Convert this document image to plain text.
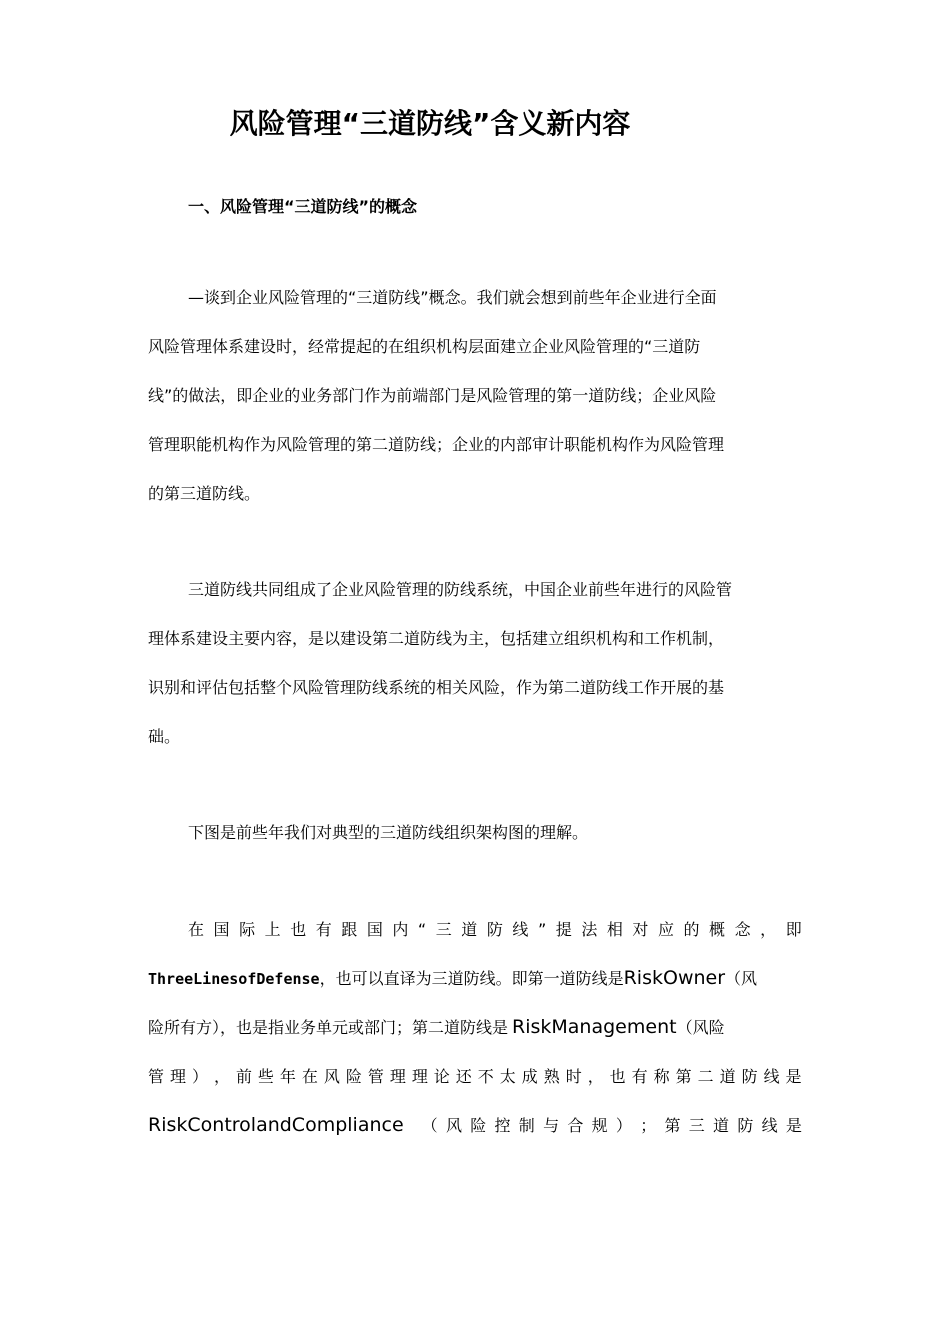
风险管理“三道防线”含义新内容
一、风险管理“三道防线”的概念
—谈到企业风险管理的“三道防线”概念。我们就会想到前些年企业进行全面
风险管理体系建设时，经常提起的在组织机构层面建立企业风险管理的“三道防
线”的做法，即企业的业务部门作为前端部门是风险管理的第一道防线；企业风险
管理职能机构作为风险管理的第二道防线；企业的内部审计职能机构作为风险管理
的第三道防线。
三道防线共同组成了企业风险管理的防线系统，中国企业前些年进行的风险管
理体系建设主要内容，是以建设第二道防线为主，包括建立组织机构和工作机制，
识别和评估包括整个风险管理防线系统的相关风险，作为第二道防线工作开展的基
础。
下图是前些年我们对典型的三道防线组织架构图的理解。
在 国 际 上 也 有 跟 国 内 “ 三 道 防 线 ” 提 法 相 对 应 的 概 念 ， 即
ThreeLinesofDefense ，也可以直译为三道防线。即第一道防线是 RiskOwner （风
险所有方），也是指业务单元或部门；第二道防线是 RiskManagement （风险
管 理 ） ， 前 些 年 在 风 险 管 理 理 论 还 不 太 成 熟 时 ， 也 有 称 第 二 道 防 线 是
RiskControlandCompliance （ 风 险 控 制 与 合 规 ） ； 第 三 道 防 线 是
